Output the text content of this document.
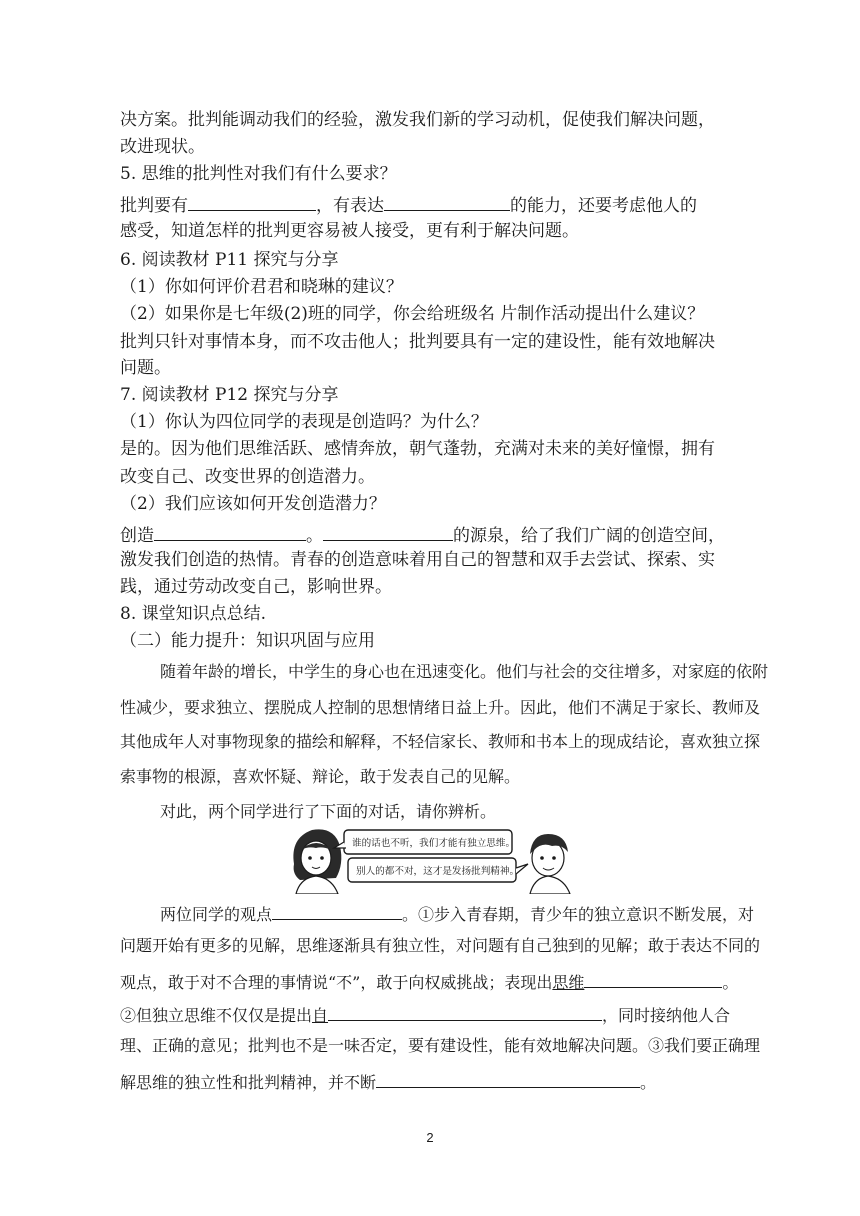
决方案。批判能调动我们的经验，激发我们新的学习动机，促使我们解决问题，
改进现状。
5. 思维的批判性对我们有什么要求？
批判要有	，有表达	的能力，还要考虑他人的
感受，知道怎样的批判更容易被人接受，更有利于解决问题。
6. 阅读教材 P11 探究与分享
（1）你如何评价君君和晓琳的建议？
（2）如果你是七年级(2)班的同学，你会给班级名 片制作活动提出什么建议？
批判只针对事情本身，而不攻击他人；批判要具有一定的建设性，能有效地解决
问题。
7. 阅读教材 P12 探究与分享
（1）你认为四位同学的表现是创造吗？为什么？
是的。因为他们思维活跃、感情奔放，朝气蓬勃，充满对未来的美好憧憬，拥有
改变自己、改变世界的创造潜力。
（2）我们应该如何开发创造潜力？
创造	。	的源泉，给了我们广阔的创造空间，
激发我们创造的热情。青春的创造意味着用自己的智慧和双手去尝试、探索、实
践，通过劳动改变自己，影响世界。
8. 课堂知识点总结.
（二）能力提升：知识巩固与应用
随着年龄的增长，中学生的身心也在迅速变化。他们与社会的交往增多，对家庭的依附
性减少，要求独立、摆脱成人控制的思想情绪日益上升。因此，他们不满足于家长、教师及
其他成年人对事物现象的描绘和解释，不轻信家长、教师和书本上的现成结论，喜欢独立探
索事物的根源，喜欢怀疑、辩论，敢于发表自己的见解。
对此，两个同学进行了下面的对话，请你辨析。
谁的话也不听，我们才能有独立思维。
别人的都不对，这才是发扬批判精神。
两位同学的观点	。①步入青春期，青少年的独立意识不断发展，对
问题开始有更多的见解，思维逐渐具有独立性，对问题有自己独到的见解；敢于表达不同的
观点，敢于对不合理的事情说“不”，敢于向权威挑战；表现出思维	。
②但独立思维不仅仅是提出自	，同时接纳他人合
理、正确的意见；批判也不是一味否定，要有建设性，能有效地解决问题。③我们要正确理
解思维的独立性和批判精神，并不断	。
2
